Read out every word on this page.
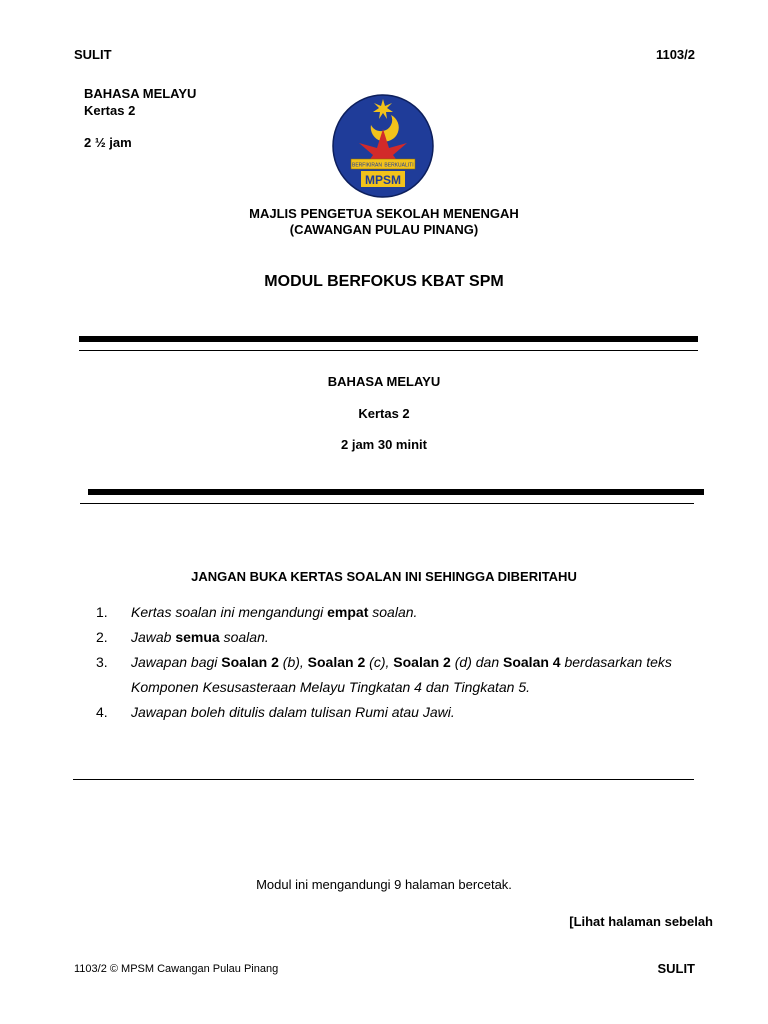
SULIT	1103/2
BAHASA MELAYU
Kertas 2
2 ½ jam
BERFIKIRAN BERKUALITI
MPSM
MAJLIS PENGETUA SEKOLAH MENENGAH
(CAWANGAN PULAU PINANG)
MODUL BERFOKUS KBAT SPM
BAHASA MELAYU
Kertas 2
2 jam 30 minit
JANGAN BUKA KERTAS SOALAN INI SEHINGGA DIBERITAHU
1. Kertas soalan ini mengandungi empat soalan.
2. Jawab semua soalan.
3. Jawapan bagi Soalan 2 (b), Soalan 2 (c), Soalan 2 (d) dan Soalan 4 berdasarkan teks
Komponen Kesusasteraan Melayu Tingkatan 4 dan Tingkatan 5.
4. Jawapan boleh ditulis dalam tulisan Rumi atau Jawi.
Modul ini mengandungi 9 halaman bercetak.
[Lihat halaman sebelah
1103/2 © MPSM Cawangan Pulau Pinang	SULIT
